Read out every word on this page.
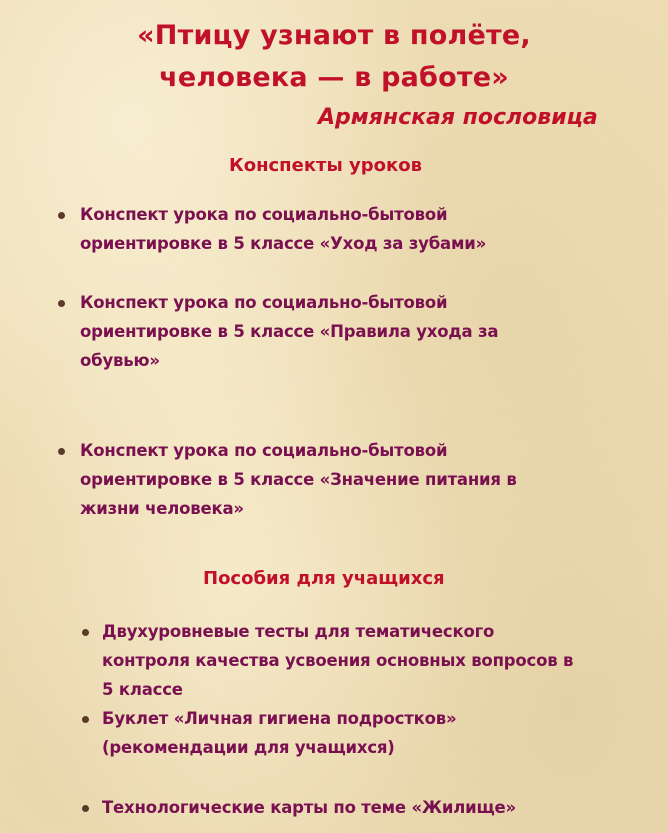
«Птицу узнают в полёте,
человека — в работе»
Армянская пословица
Конспекты уроков
Конспект урока по социально-бытовой
ориентировке в 5 классе «Уход за зубами»
Конспект урока по социально-бытовой
ориентировке в 5 классе «Правила ухода за
обувью»
Конспект урока по социально-бытовой
ориентировке в 5 классе «Значение питания в
жизни человека»
Пособия для учащихся
Двухуровневые тесты для тематического
контроля качества усвоения основных вопросов в
5 классе
Буклет «Личная гигиена подростков»
(рекомендации для учащихся)
Технологические карты по теме «Жилище»
